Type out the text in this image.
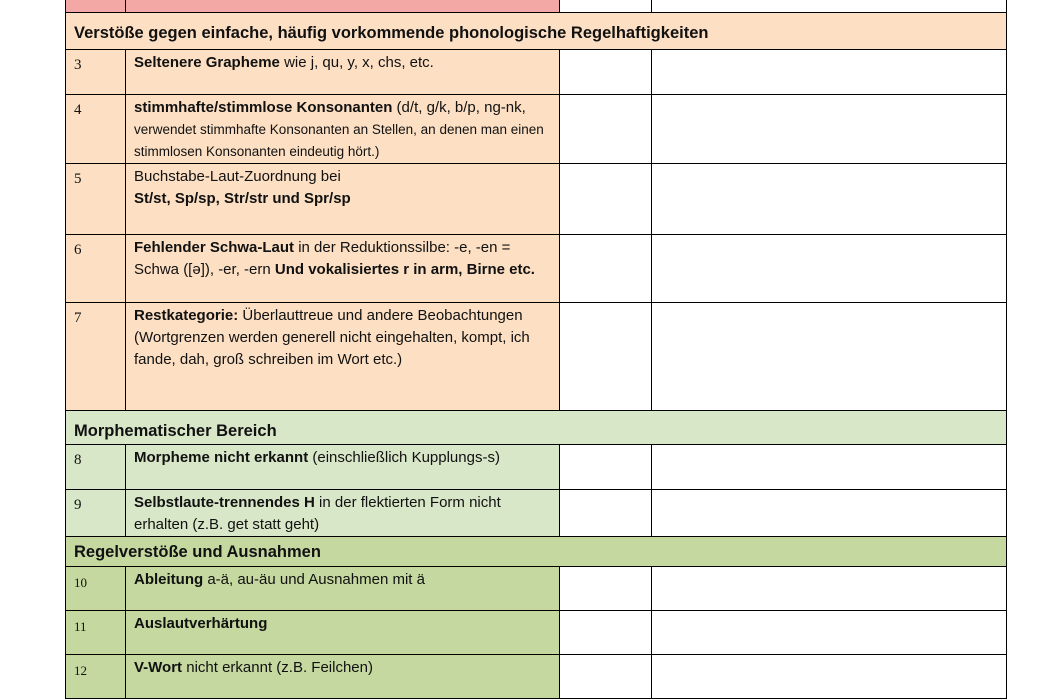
Verstöße gegen einfache, häufig vorkommende phonologische Regelhaftigkeiten			
3	Seltenere Grapheme wie j, qu, y, x, chs, etc.		

4	stimmhafte/stimmlose Konsonanten (d/t, g/k, b/p, ng-nk, verwendet stimmhafte Konsonanten an Stellen, an denen man einen stimmlosen Konsonanten eindeutig hört.)		

5	Buchstabe-Laut-Zuordnung bei

St/st, Sp/sp, Str/str und Spr/sp		

6	Fehlender Schwa-Laut in der Reduktionssilbe: -e, -en = Schwa ([ə]), -er, -ern Und vokalisiertes r in arm, Birne etc.		

7	Restkategorie: Überlauttreue und andere Beobachtungen (Wortgrenzen werden generell nicht eingehalten, kompt, ich fande, dah, groß schreiben im Wort etc.)		

Morphematischer Bereich			
8	Morpheme nicht erkannt (einschließlich Kupplungs-s)		

9	Selbstlaute-trennendes H in der flektierten Form nicht erhalten (z.B. get statt geht)		

Regelverstöße und Ausnahmen			
10	Ableitung a-ä, au-äu und Ausnahmen mit ä		

11	Auslautverhärtung		

12	V-Wort nicht erkannt (z.B. Feilchen)		
